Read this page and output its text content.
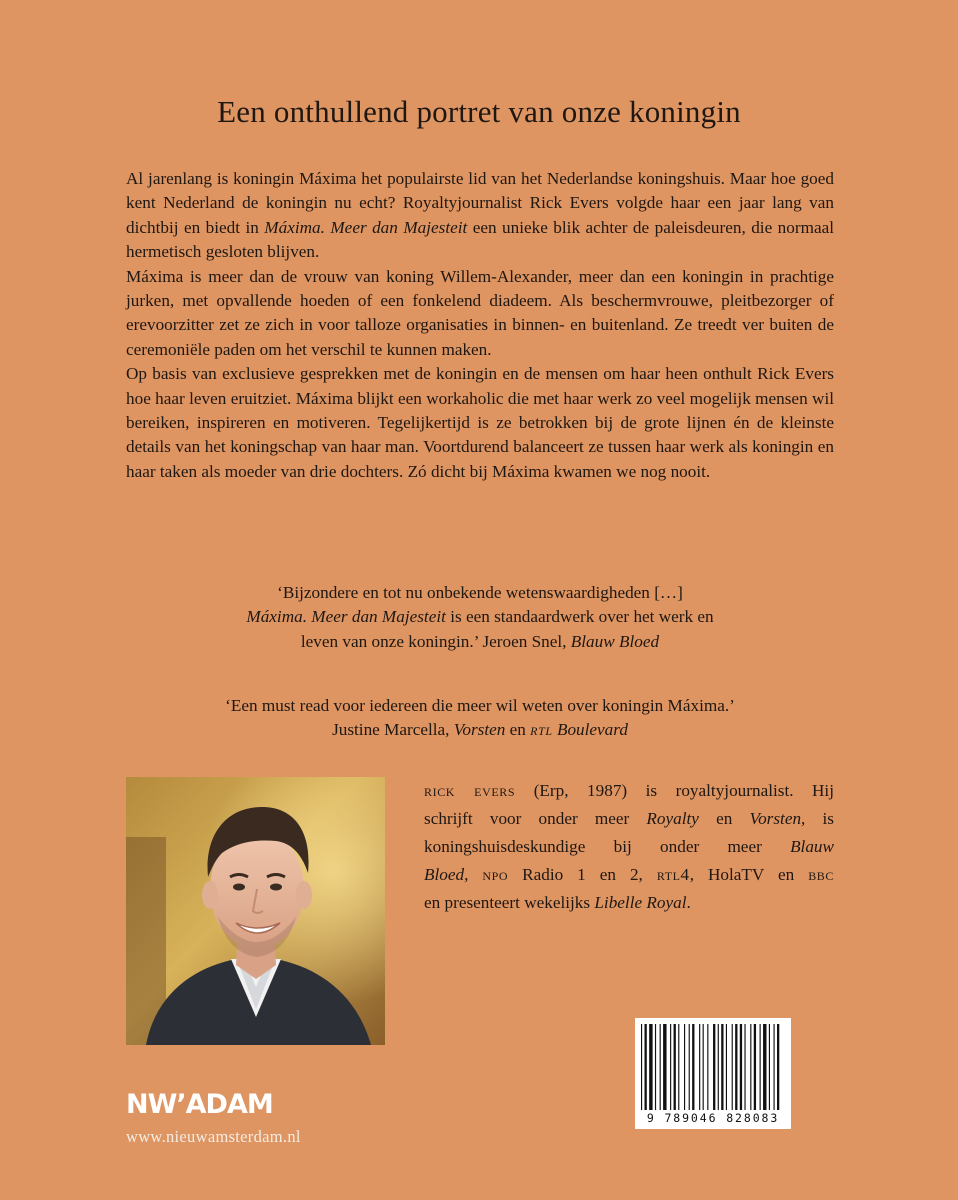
Een onthullend portret van onze koningin

Al jarenlang is koningin Máxima het populairste lid van het Nederlandse koningshuis. Maar hoe goed kent Nederland de koningin nu echt? Royaltyjournalist Rick Evers volgde haar een jaar lang van dichtbij en biedt in Máxima. Meer dan Majesteit een unieke blik achter de paleisdeuren, die normaal hermetisch gesloten blijven.

Máxima is meer dan de vrouw van koning Willem-Alexander, meer dan een koningin in prachtige jurken, met opvallende hoeden of een fonkelend diadeem. Als beschermvrouwe, pleitbezorger of erevoorzitter zet ze zich in voor talloze organisaties in binnen- en buitenland. Ze treedt ver buiten de ceremoniële paden om het verschil te kunnen maken.

Op basis van exclusieve gesprekken met de koningin en de mensen om haar heen onthult Rick Evers hoe haar leven eruitziet. Máxima blijkt een workaholic die met haar werk zo veel mogelijk mensen wil bereiken, inspireren en motiveren. Tegelijkertijd is ze betrokken bij de grote lijnen én de kleinste details van het koningschap van haar man. Voortdurend balanceert ze tussen haar werk als koningin en haar taken als moeder van drie dochters. Zó dicht bij Máxima kwamen we nog nooit.

‘Bijzondere en tot nu onbekende wetenswaardigheden […]
Máxima. Meer dan Majesteit is een standaardwerk over het werk en
leven van onze koningin.’ Jeroen Snel, Blauw Bloed
‘Een must read voor iedereen die meer wil weten over koningin Máxima.’
Justine Marcella, Vorsten en rtl Boulevard
rick evers (Erp, 1987) is royaltyjournalist. Hij
schrijft voor onder meer Royalty en Vorsten, is
koningshuisdeskundige bij onder meer Blauw
Bloed, npo Radio 1 en 2, rtl4, HolaTV en bbc
en presenteert wekelijks Libelle Royal.
9 789046 828083
NW’ADAM
www.nieuwamsterdam.nl
